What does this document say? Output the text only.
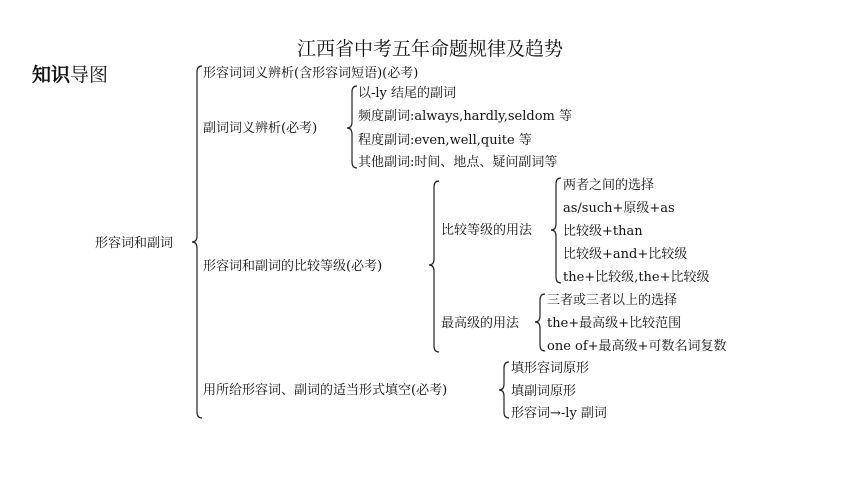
江西省中考五年命题规律及趋势
知识导图
形容词和副词
形容词词义辨析(含形容词短语)(必考)
副词词义辨析(必考)
以-ly 结尾的副词
频度副词:always,hardly,seldom 等
程度副词:even,well,quite 等
其他副词:时间、地点、疑问副词等
形容词和副词的比较等级(必考)
比较等级的用法
两者之间的选择
as/such+原级+as
比较级+than
比较级+and+比较级
the+比较级,the+比较级
最高级的用法
三者或三者以上的选择
the+最高级+比较范围
one of+最高级+可数名词复数
用所给形容词、副词的适当形式填空(必考)
填形容词原形
填副词原形
形容词→-ly 副词
